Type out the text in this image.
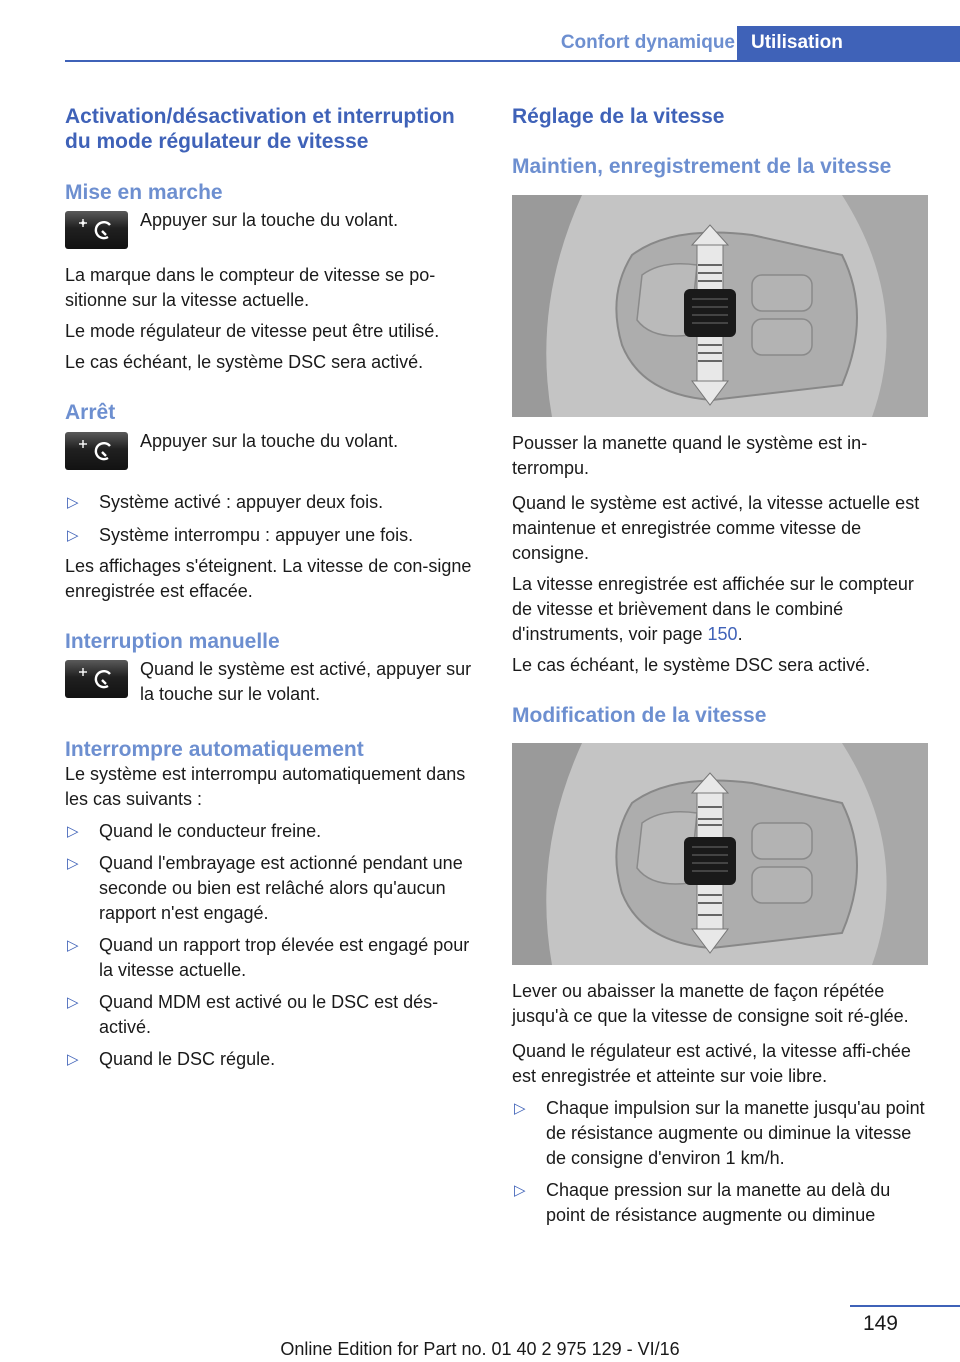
Confort dynamique Utilisation
Activation/désactivation et interruption du mode régulateur de vitesse
Mise en marche

Appuyer sur la touche du volant.

La marque dans le compteur de vitesse se po-sitionne sur la vitesse actuelle.

Le mode régulateur de vitesse peut être utilisé.

Le cas échéant, le système DSC sera activé.

Arrêt

Appuyer sur la touche du volant.

▷ Système activé : appuyer deux fois.
▷ Système interrompu : appuyer une fois.

Les affichages s'éteignent. La vitesse de con-signe enregistrée est effacée.

Interruption manuelle

Quand le système est activé, appuyer sur la touche sur le volant.

Interrompre automatiquement

Le système est interrompu automatiquement dans les cas suivants :

▷ Quand le conducteur freine.
▷ Quand l'embrayage est actionné pendant une seconde ou bien est relâché alors qu'aucun rapport n'est engagé.
▷ Quand un rapport trop élevée est engagé pour la vitesse actuelle.
▷ Quand MDM est activé ou le DSC est dés-activé.
▷ Quand le DSC régule.
Réglage de la vitesse
Maintien, enregistrement de la vitesse

Pousser la manette quand le système est in-terrompu.

Quand le système est activé, la vitesse actuelle est maintenue et enregistrée comme vitesse de consigne.

La vitesse enregistrée est affichée sur le compteur de vitesse et brièvement dans le combiné d'instruments, voir page 150.

Le cas échéant, le système DSC sera activé.

Modification de la vitesse

Lever ou abaisser la manette de façon répétée jusqu'à ce que la vitesse de consigne soit ré-glée.

Quand le régulateur est activé, la vitesse affi-chée est enregistrée et atteinte sur voie libre.

▷ Chaque impulsion sur la manette jusqu'au point de résistance augmente ou diminue la vitesse de consigne d'environ 1 km/h.
▷ Chaque pression sur la manette au delà du point de résistance augmente ou diminue
149
Online Edition for Part no. 01 40 2 975 129 - VI/16
